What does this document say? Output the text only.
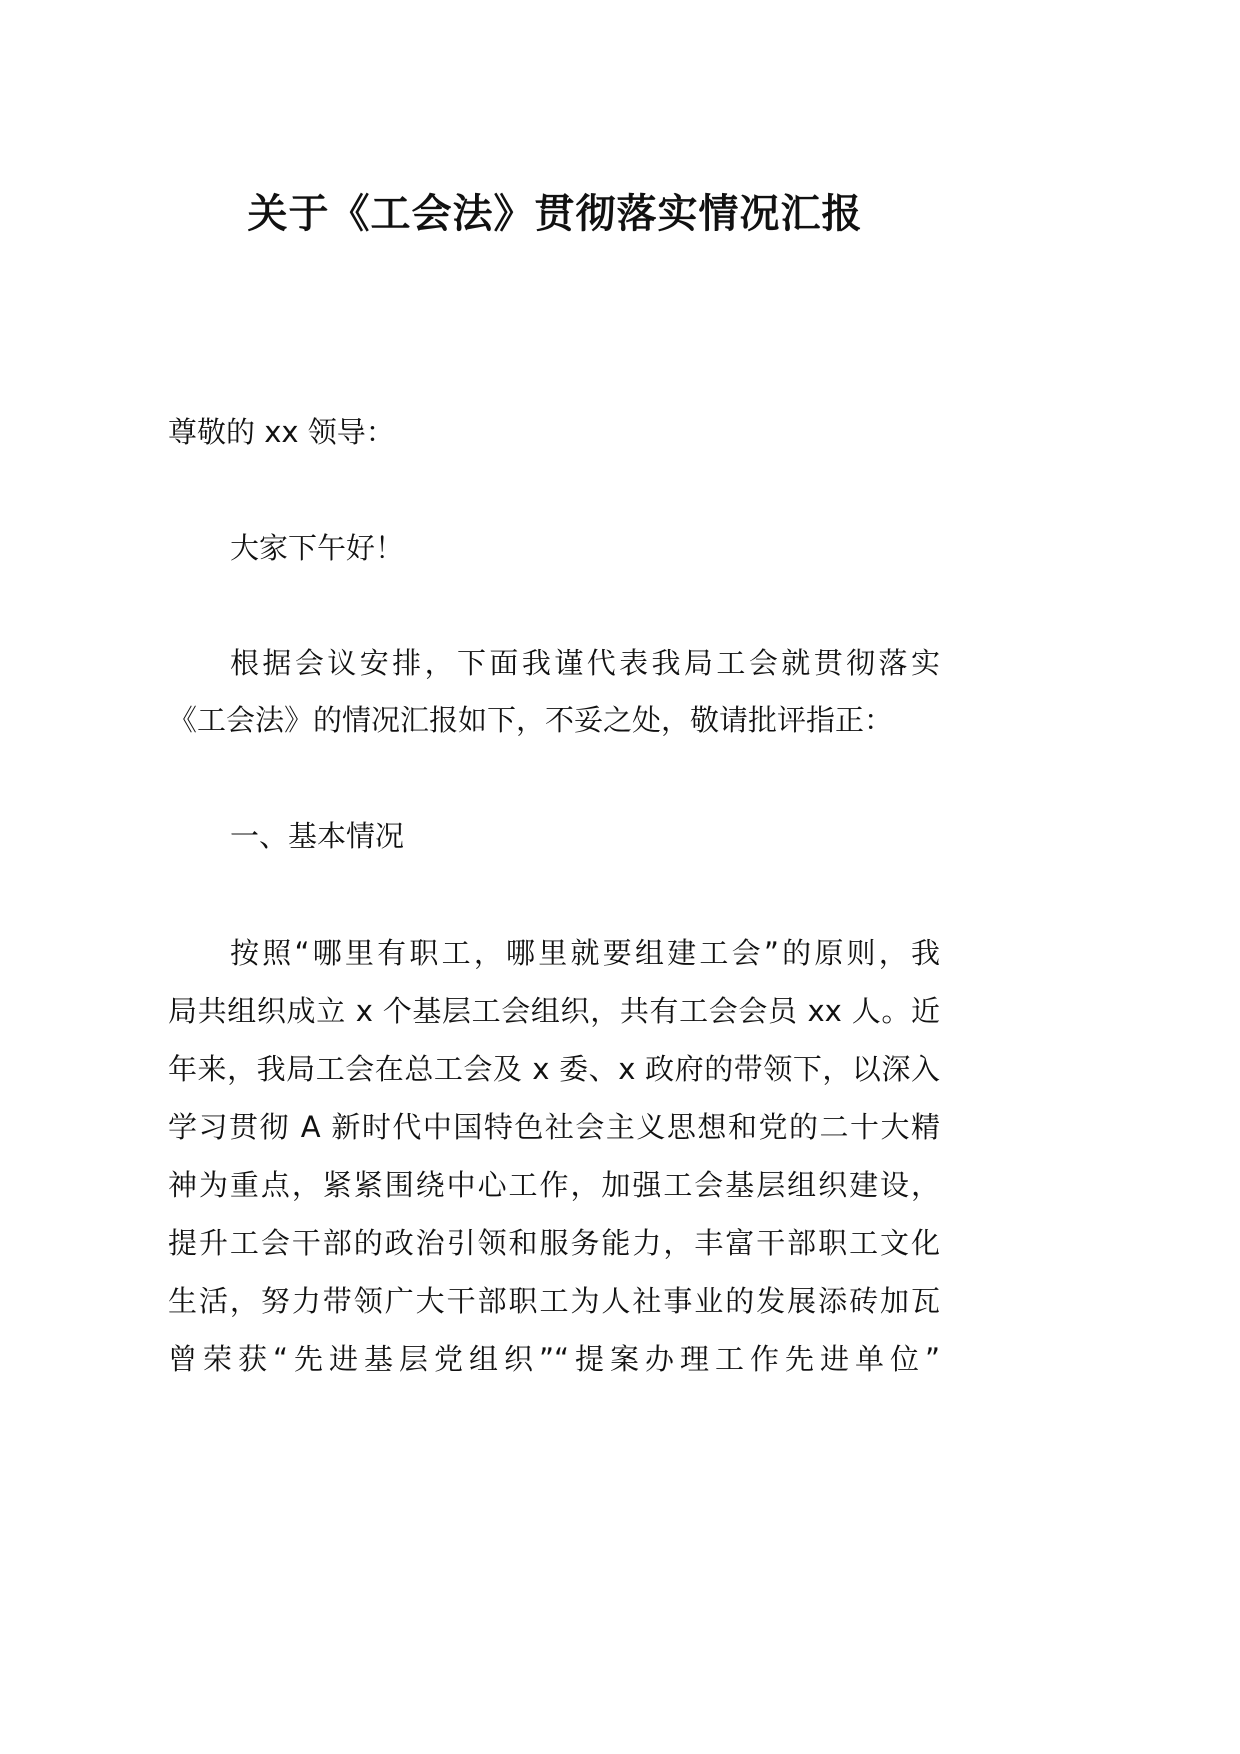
关于《工会法》贯彻落实情况汇报
尊敬的 xx 领导：
大家下午好！
根据会议安排，下面我谨代表我局工会就贯彻落实
《工会法》的情况汇报如下，不妥之处，敬请批评指正：
一、基本情况
按照“哪里有职工，哪里就要组建工会”的原则，我
局共组织成立 x 个基层工会组织，共有工会会员 xx 人。近
年来，我局工会在总工会及 x 委、x 政府的带领下，以深入
学习贯彻 A 新时代中国特色社会主义思想和党的二十大精
神为重点，紧紧围绕中心工作，加强工会基层组织建设，
提升工会干部的政治引领和服务能力，丰富干部职工文化
生活，努力带领广大干部职工为人社事业的发展添砖加瓦
曾荣获“先进基层党组织”“提案办理工作先进单位”
